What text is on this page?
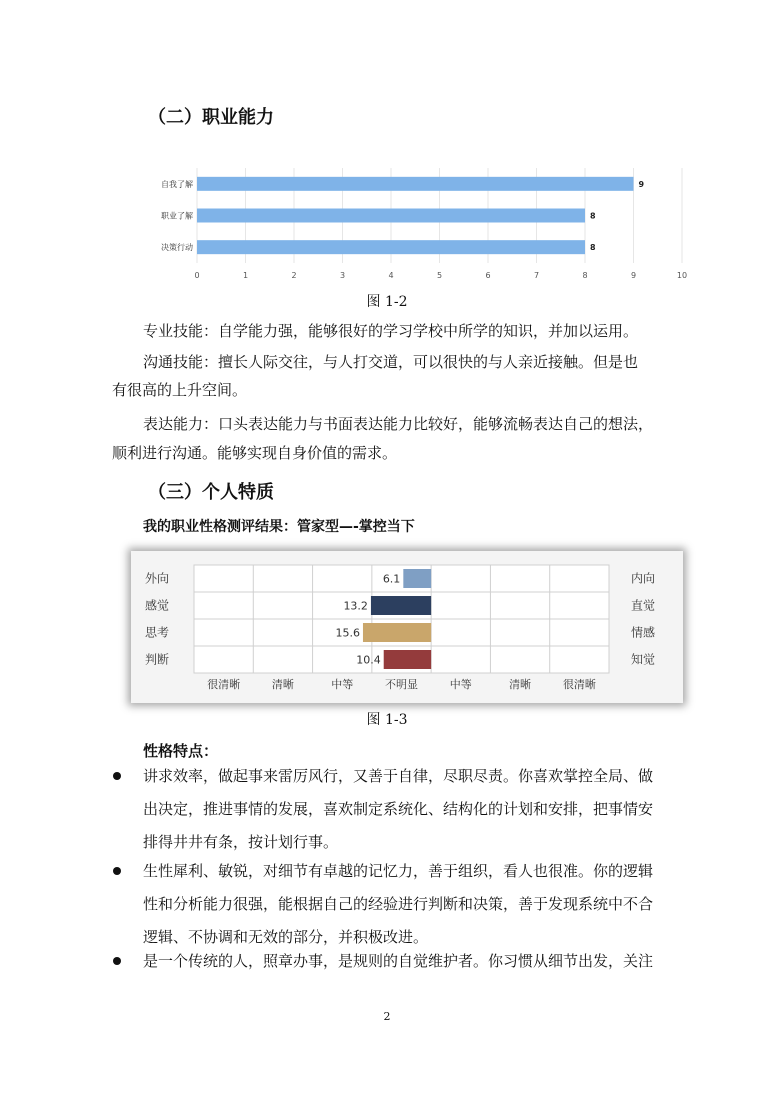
（二）职业能力
0	1	2	3	4	5	6	7	8	9	10
自我了解	9
职业了解	8
决策行动	8
图 1-2
专业技能：自学能力强，能够很好的学习学校中所学的知识，并加以运用。
沟通技能：擅长人际交往，与人打交道，可以很快的与人亲近接触。但是也
有很高的上升空间。
表达能力：口头表达能力与书面表达能力比较好，能够流畅表达自己的想法，
顺利进行沟通。能够实现自身价值的需求。
（三）个人特质
我的职业性格测评结果：管家型—-掌控当下
很清晰	清晰	中等	不明显	中等	清晰	很清晰
6.1
外向	内向
13.2
感觉	直觉
15.6
思考	情感
10.4
判断	知觉
图 1-3
性格特点：
讲求效率，做起事来雷厉风行，又善于自律，尽职尽责。你喜欢掌控全局、做
出决定，推进事情的发展，喜欢制定系统化、结构化的计划和安排，把事情安
排得井井有条，按计划行事。
生性犀利、敏锐，对细节有卓越的记忆力，善于组织，看人也很准。你的逻辑
性和分析能力很强，能根据自己的经验进行判断和决策，善于发现系统中不合
逻辑、不协调和无效的部分，并积极改进。
是一个传统的人，照章办事，是规则的自觉维护者。你习惯从细节出发，关注
2
